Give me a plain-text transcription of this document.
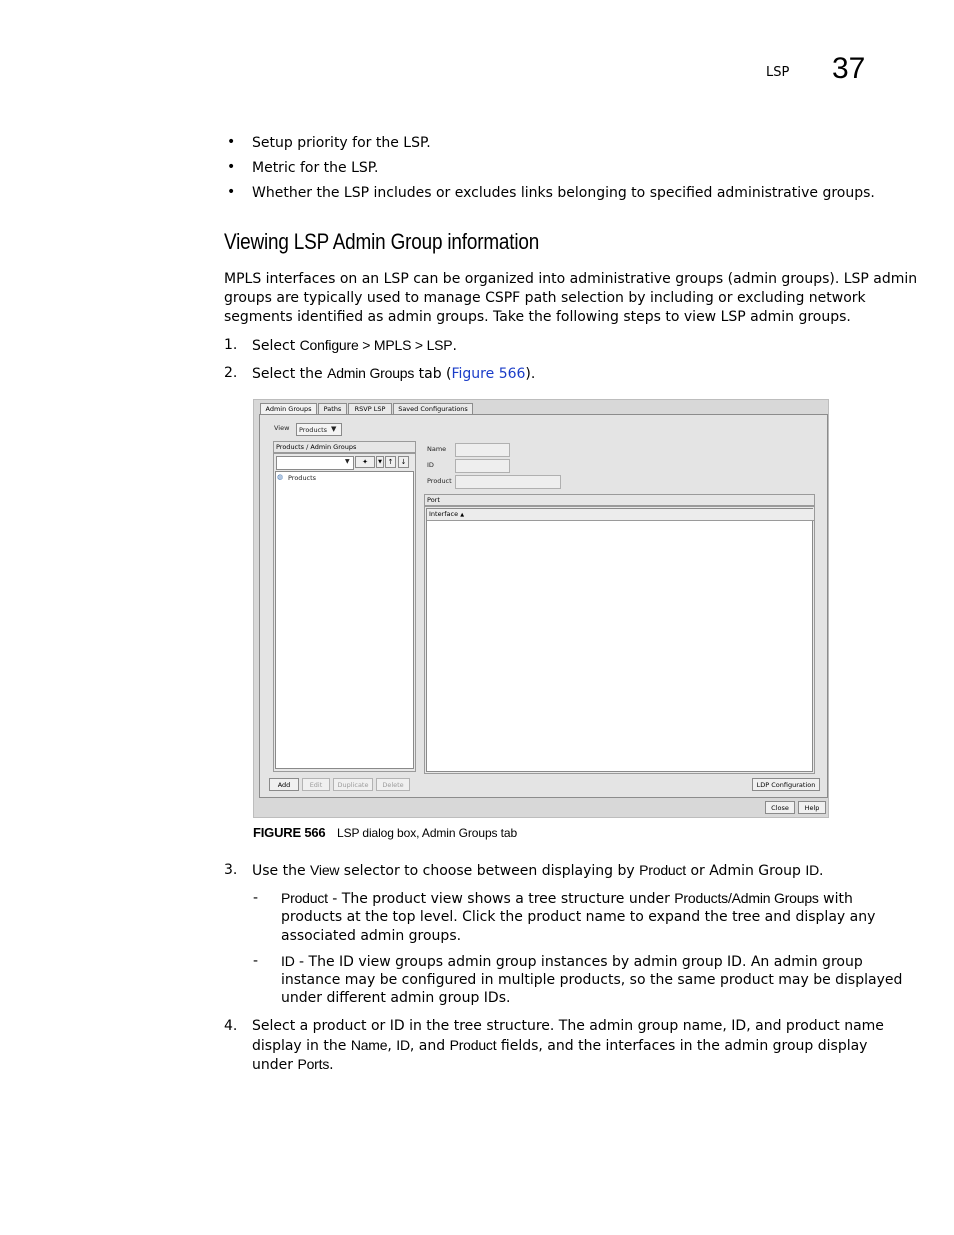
LSP 37
• Setup priority for the LSP.
• Metric for the LSP.
• Whether the LSP includes or excludes links belonging to specified administrative groups.
Viewing LSP Admin Group information
MPLS interfaces on an LSP can be organized into administrative groups (admin groups). LSP admin
groups are typically used to manage CSPF path selection by including or excluding network
segments identified as admin groups. Take the following steps to view LSP admin groups.
1. Select Configure > MPLS > LSP.
2. Select the Admin Groups tab (Figure 566).
Admin Groups	Paths	RSVP LSP	Saved Configurations
View Products ▼
Products / Admin Groups
▼	✦	▼ ↑	↓
◍ Products
Name
ID
Product
Port
Interface ▲
Add	Edit	Duplicate	Delete	LDP Configuration
Close	Help
FIGURE 566 LSP dialog box, Admin Groups tab
3. Use the View selector to choose between displaying by Product or Admin Group ID.
- Product - The product view shows a tree structure under Products/Admin Groups with
products at the top level. Click the product name to expand the tree and display any
associated admin groups.
- ID - The ID view groups admin group instances by admin group ID. An admin group
instance may be configured in multiple products, so the same product may be displayed
under different admin group IDs.
4. Select a product or ID in the tree structure. The admin group name, ID, and product name
display in the Name, ID, and Product fields, and the interfaces in the admin group display
under Ports.
